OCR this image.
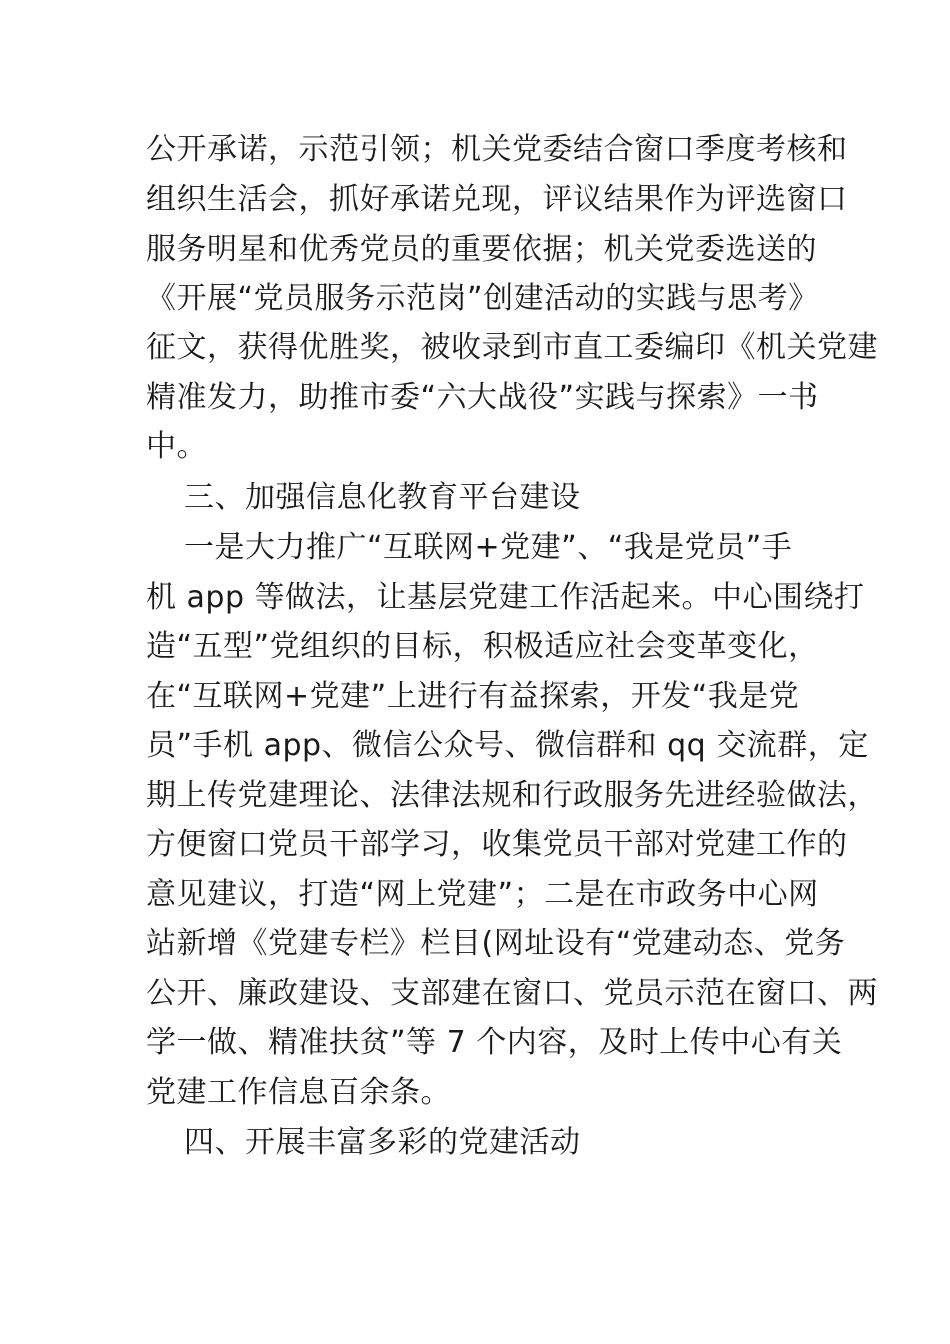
公开承诺，示范引领；机关党委结合窗口季度考核和
组织生活会，抓好承诺兑现，评议结果作为评选窗口
服务明星和优秀党员的重要依据；机关党委选送的
《开展“党员服务示范岗”创建活动的实践与思考》
征文，获得优胜奖，被收录到市直工委编印《机关党建
精准发力，助推市委“六大战役”实践与探索》一书
中。
三、加强信息化教育平台建设
一是大力推广“互联网+党建”、“我是党员”手
机 app 等做法，让基层党建工作活起来。中心围绕打
造“五型”党组织的目标，积极适应社会变革变化，
在“互联网+党建”上进行有益探索，开发“我是党
员”手机 app、微信公众号、微信群和 qq 交流群，定
期上传党建理论、法律法规和行政服务先进经验做法，
方便窗口党员干部学习，收集党员干部对党建工作的
意见建议，打造“网上党建”；二是在市政务中心网
站新增《党建专栏》栏目(网址设有“党建动态、党务
公开、廉政建设、支部建在窗口、党员示范在窗口、两
学一做、精准扶贫”等 7 个内容，及时上传中心有关
党建工作信息百余条。
四、开展丰富多彩的党建活动
